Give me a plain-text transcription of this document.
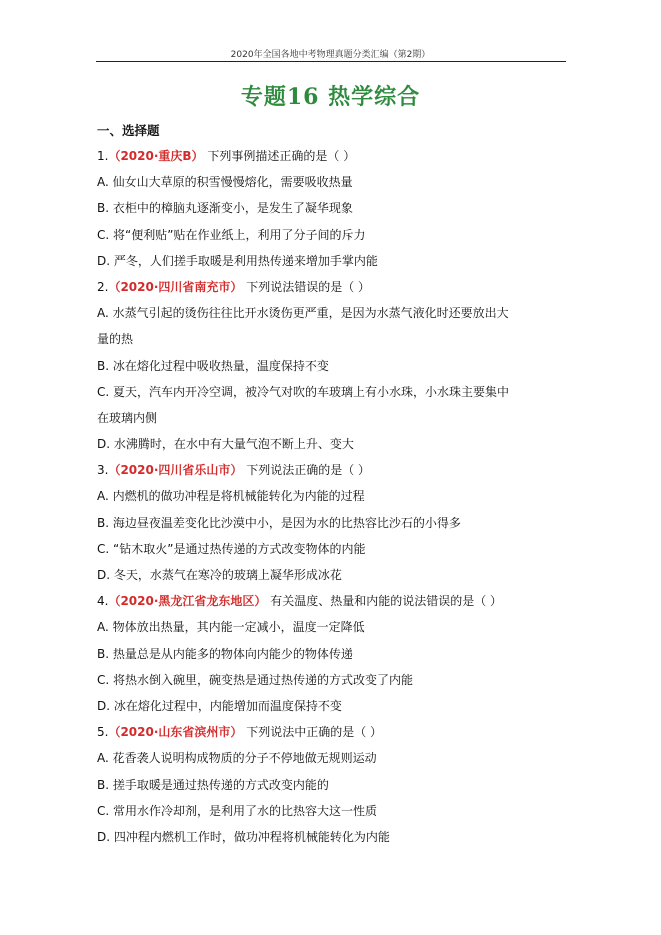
2020年全国各地中考物理真题分类汇编（第2期）
专题16 热学综合
一、选择题
1.（2020·重庆B） 下列事例描述正确的是（ ）
A. 仙女山大草原的积雪慢慢熔化，需要吸收热量
B. 衣柜中的樟脑丸逐渐变小，是发生了凝华现象
C. 将“便利贴”贴在作业纸上，利用了分子间的斥力
D. 严冬，人们搓手取暖是利用热传递来增加手掌内能
2.（2020·四川省南充市） 下列说法错误的是（ ）
A. 水蒸气引起的烫伤往往比开水烫伤更严重，是因为水蒸气液化时还要放出大
量的热
B. 冰在熔化过程中吸收热量，温度保持不变
C. 夏天，汽车内开冷空调，被冷气对吹的车玻璃上有小水珠，小水珠主要集中
在玻璃内侧
D. 水沸腾时，在水中有大量气泡不断上升、变大
3.（2020·四川省乐山市） 下列说法正确的是（ ）
A. 内燃机的做功冲程是将机械能转化为内能的过程
B. 海边昼夜温差变化比沙漠中小，是因为水的比热容比沙石的小得多
C. “钻木取火”是通过热传递的方式改变物体的内能
D. 冬天，水蒸气在寒冷的玻璃上凝华形成冰花
4.（2020·黑龙江省龙东地区） 有关温度、热量和内能的说法错误的是（ ）
A. 物体放出热量，其内能一定减小，温度一定降低
B. 热量总是从内能多的物体向内能少的物体传递
C. 将热水倒入碗里，碗变热是通过热传递的方式改变了内能
D. 冰在熔化过程中，内能增加而温度保持不变
5.（2020·山东省滨州市） 下列说法中正确的是（ ）
A. 花香袭人说明构成物质的分子不停地做无规则运动
B. 搓手取暖是通过热传递的方式改变内能的
C. 常用水作冷却剂，是利用了水的比热容大这一性质
D. 四冲程内燃机工作时，做功冲程将机械能转化为内能
